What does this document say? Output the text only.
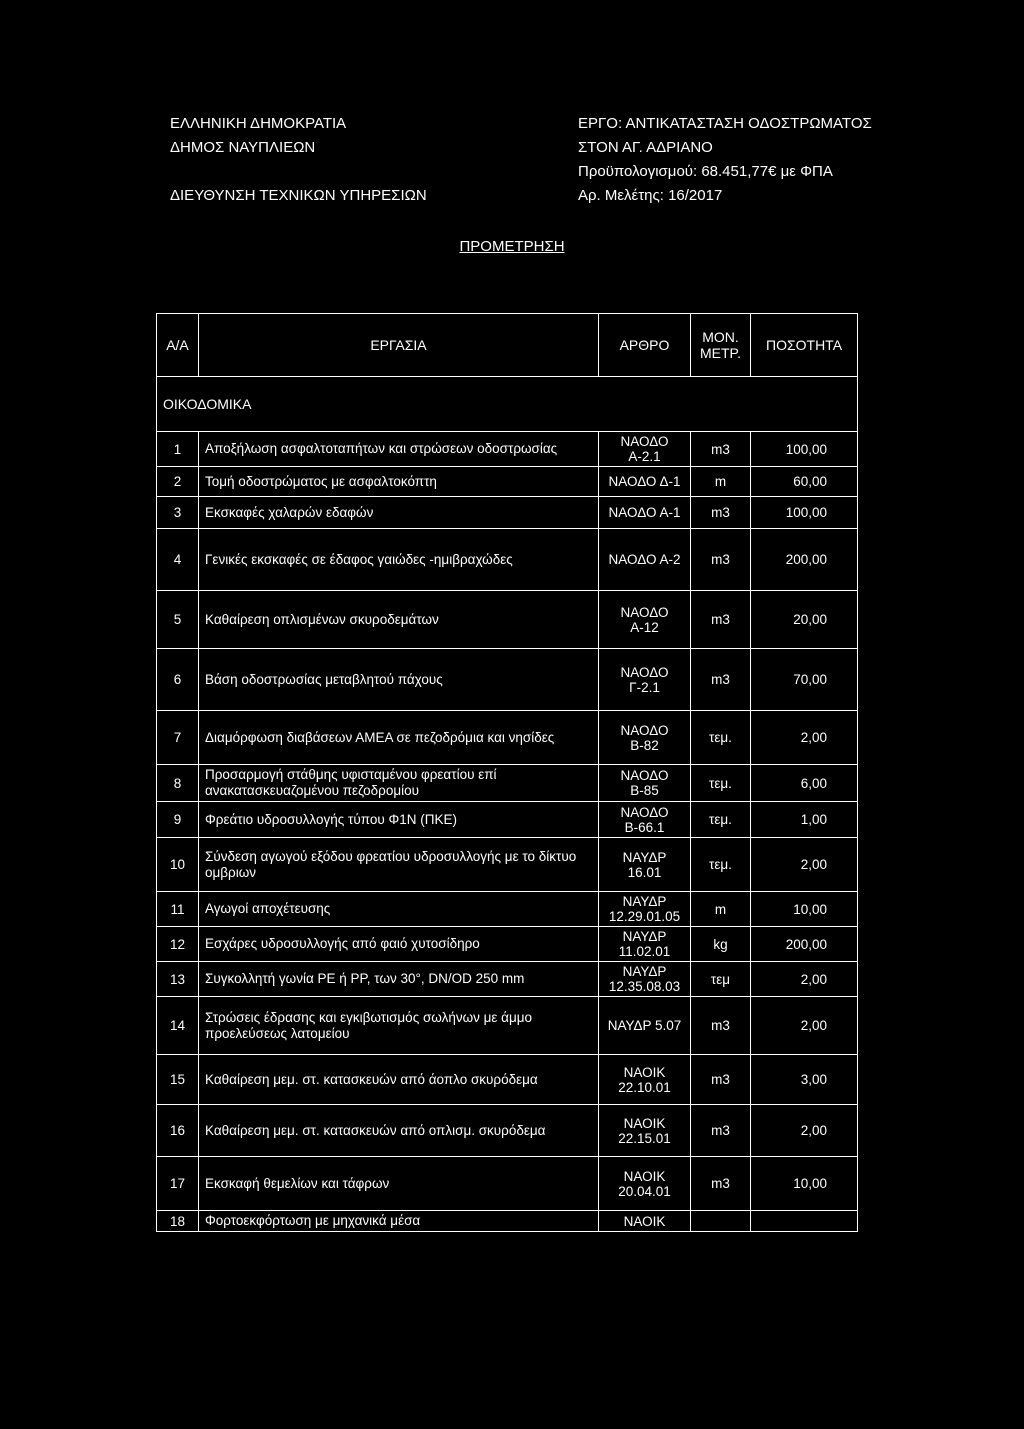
ΕΛΛΗΝΙΚΗ ΔΗΜΟΚΡΑΤΙΑ
ΔΗΜΟΣ ΝΑΥΠΛΙΕΩΝ
ΔΙΕΥΘΥΝΣΗ ΤΕΧΝΙΚΩΝ ΥΠΗΡΕΣΙΩΝ
ΕΡΓΟ: ΑΝΤΙΚΑΤΑΣΤΑΣΗ ΟΔΟΣΤΡΩΜΑΤΟΣ
ΣΤΟΝ ΑΓ. ΑΔΡΙΑΝΟ
Προϋπολογισμού: 68.451,77€ με ΦΠΑ
Αρ. Μελέτης: 16/2017
ΠΡΟΜΕΤΡΗΣΗ
Α/Α	ΕΡΓΑΣΙΑ	ΑΡΘΡΟ	ΜΟΝ. ΜΕΤΡ.	ΠΟΣΟΤΗΤΑ
ΟΙΚΟΔΟΜΙΚΑ				
1	Αποξήλωση ασφαλτοταπήτων και στρώσεων οδοστρωσίας	ΝΑΟΔΟ Α-2.1	m3	100,00
2	Τομή οδοστρώματος με ασφαλτοκόπτη	ΝΑΟΔΟ Δ-1	m	60,00
3	Εκσκαφές χαλαρών εδαφών	ΝΑΟΔΟ Α-1	m3	100,00
4	Γενικές εκσκαφές σε έδαφος γαιώδες -ημιβραχώδες	ΝΑΟΔΟ Α-2	m3	200,00
5	Καθαίρεση οπλισμένων σκυροδεμάτων	ΝΑΟΔΟ Α-12	m3	20,00
6	Βάση οδοστρωσίας μεταβλητού πάχους	ΝΑΟΔΟ Γ-2.1	m3	70,00
7	Διαμόρφωση διαβάσεων ΑΜΕΑ σε πεζοδρόμια και νησίδες	ΝΑΟΔΟ Β-82	τεμ.	2,00
8	Προσαρμογή στάθμης υφισταμένου φρεατίου επί ανακατασκευαζομένου πεζοδρομίου	ΝΑΟΔΟ Β-85	τεμ.	6,00
9	Φρεάτιο υδροσυλλογής τύπου Φ1Ν (ΠΚΕ)	ΝΑΟΔΟ Β-66.1	τεμ.	1,00
10	Σύνδεση αγωγού εξόδου φρεατίου υδροσυλλογής με το δίκτυο ομβριων	ΝΑΥΔΡ 16.01	τεμ.	2,00
11	Αγωγοί αποχέτευσης	ΝΑΥΔΡ 12.29.01.05	m	10,00
12	Εσχάρες υδροσυλλογής από φαιό χυτοσίδηρο	ΝΑΥΔΡ 11.02.01	kg	200,00
13	Συγκολλητή γωνία PE ή PP, των 30°, DN/OD 250 mm	ΝΑΥΔΡ 12.35.08.03	τεμ	2,00
14	Στρώσεις έδρασης και εγκιβωτισμός σωλήνων με άμμο προελεύσεως λατομείου	ΝΑΥΔΡ 5.07	m3	2,00
15	Καθαίρεση μεμ. στ. κατασκευών από άοπλο σκυρόδεμα	ΝΑΟΙΚ 22.10.01	m3	3,00
16	Καθαίρεση μεμ. στ. κατασκευών από οπλισμ. σκυρόδεμα	ΝΑΟΙΚ 22.15.01	m3	2,00
17	Εκσκαφή θεμελίων και τάφρων	ΝΑΟΙΚ 20.04.01	m3	10,00
18	Φορτοεκφόρτωση με μηχανικά μέσα	ΝΑΟΙΚ		
